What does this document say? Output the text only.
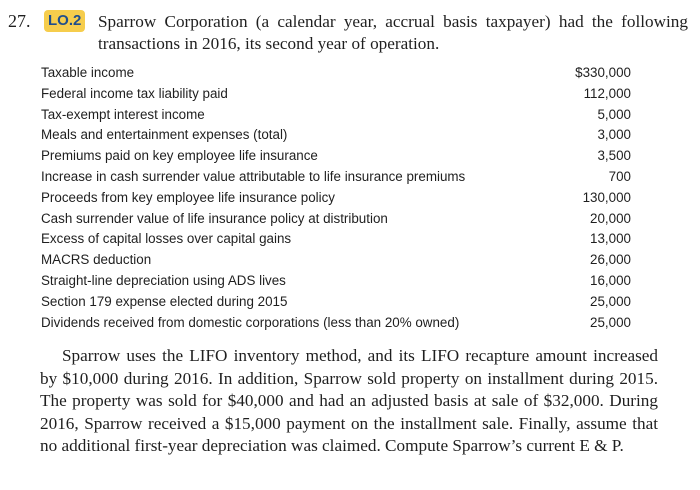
27. LO.2 Sparrow Corporation (a calendar year, accrual basis taxpayer) had the following transactions in 2016, its second year of operation.
Taxable income	$330,000
Federal income tax liability paid	112,000
Tax-exempt interest income	5,000
Meals and entertainment expenses (total)	3,000
Premiums paid on key employee life insurance	3,500
Increase in cash surrender value attributable to life insurance premiums	700
Proceeds from key employee life insurance policy	130,000
Cash surrender value of life insurance policy at distribution	20,000
Excess of capital losses over capital gains	13,000
MACRS deduction	26,000
Straight-line depreciation using ADS lives	16,000
Section 179 expense elected during 2015	25,000
Dividends received from domestic corporations (less than 20% owned)	25,000
Sparrow uses the LIFO inventory method, and its LIFO recapture amount increased by $10,000 during 2016. In addition, Sparrow sold property on installment during 2015. The property was sold for $40,000 and had an adjusted basis at sale of $32,000. During 2016, Sparrow received a $15,000 payment on the installment sale. Finally, assume that no additional first-year depreciation was claimed. Compute Sparrow’s current E & P.
